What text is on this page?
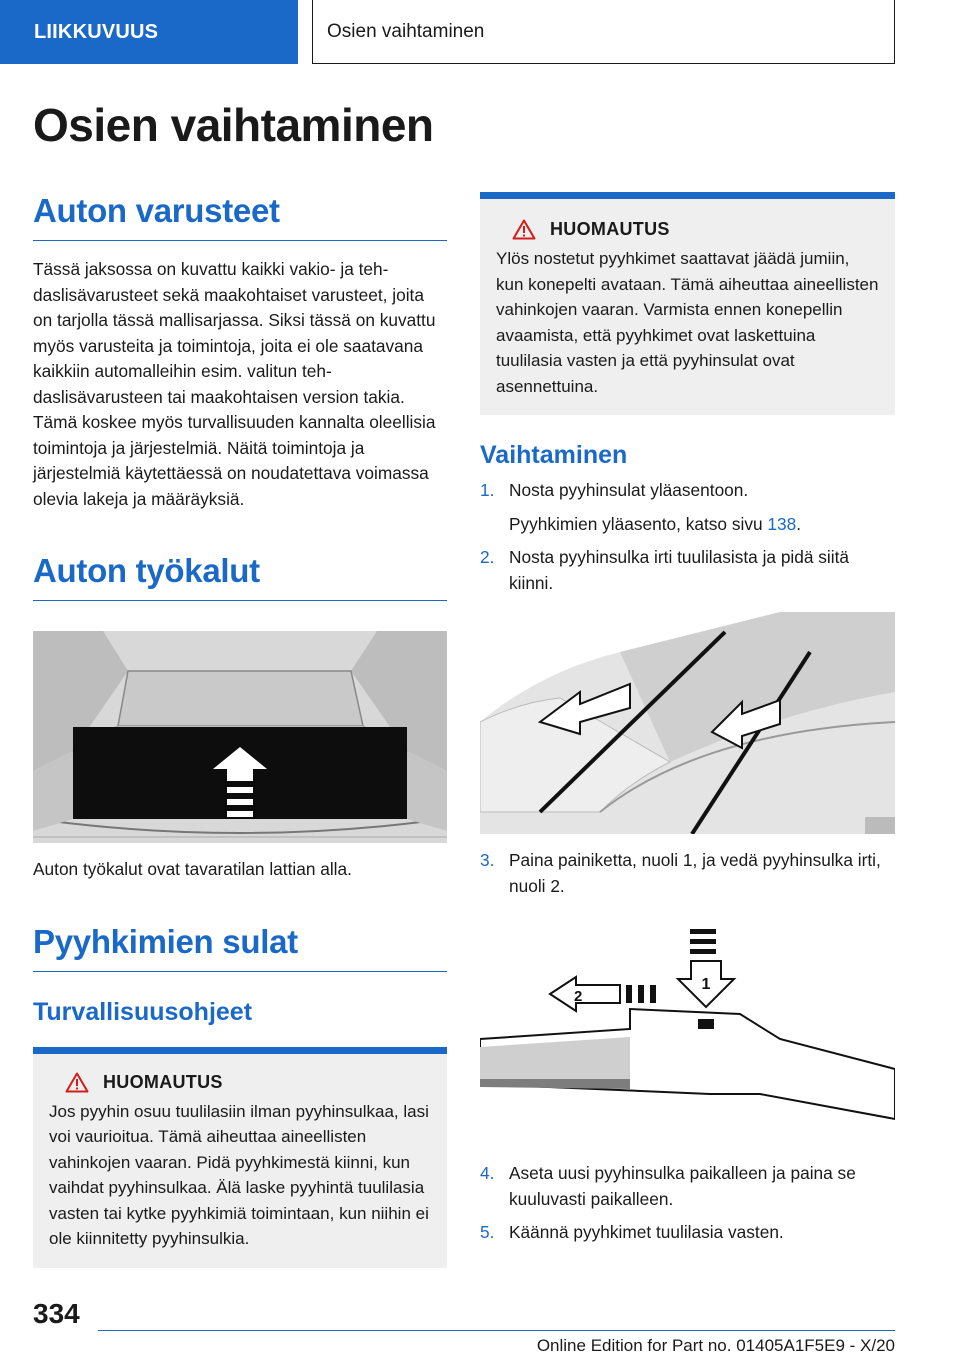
LIIKKUVUUS	Osien vaihtaminen
Osien vaihtaminen
Auton varusteet

Tässä jaksossa on kuvattu kaikki vakio- ja tehdaslisävarusteet sekä maakohtaiset varusteet, joita on tarjolla tässä mallisarjassa. Siksi tässä on kuvattu myös varusteita ja toimintoja, joita ei ole saatavana kaikkiin automalleihin esim. valitun tehdaslisävarusteen tai maakohtaisen version takia. Tämä koskee myös turvallisuuden kannalta oleellisia toimintoja ja järjestelmiä. Näitä toimintoja ja järjestelmiä käytettäessä on noudatettava voimassa olevia lakeja ja määräyksiä.

Auton työkalut

Auton työkalut ovat tavaratilan lattian alla.

Pyyhkimien sulat
Turvallisuusohjeet
HUOMAUTUS

Jos pyyhin osuu tuulilasiin ilman pyyhinsulkaa, lasi voi vaurioitua. Tämä aiheuttaa aineellisten vahinkojen vaaran. Pidä pyyhkimestä kiinni, kun vaihdat pyyhinsulkaa. Älä laske pyyhintä tuulilasia vasten tai kytke pyyhkimiä toimintaan, kun niihin ei ole kiinnitetty pyyhinsulkia.

HUOMAUTUS

Ylös nostetut pyyhkimet saattavat jäädä jumiin, kun konepelti avataan. Tämä aiheuttaa aineellisten vahinkojen vaaran. Varmista ennen konepellin avaamista, että pyyhkimet ovat laskettuina tuulilasia vasten ja että pyyhinsulat ovat asennettuina.

Vaihtaminen
1. Nosta pyyhinsulat yläasentoon.
Pyyhkimien yläasento, katso sivu 138.
2. Nosta pyyhinsulka irti tuulilasista ja pidä siitä kiinni.
3. Paina painiketta, nuoli 1, ja vedä pyyhinsulka irti, nuoli 2.
1
2
4. Aseta uusi pyyhinsulka paikalleen ja paina se kuuluvasti paikalleen.
5. Käännä pyyhkimet tuulilasia vasten.
334
Online Edition for Part no. 01405A1F5E9 - X/20
